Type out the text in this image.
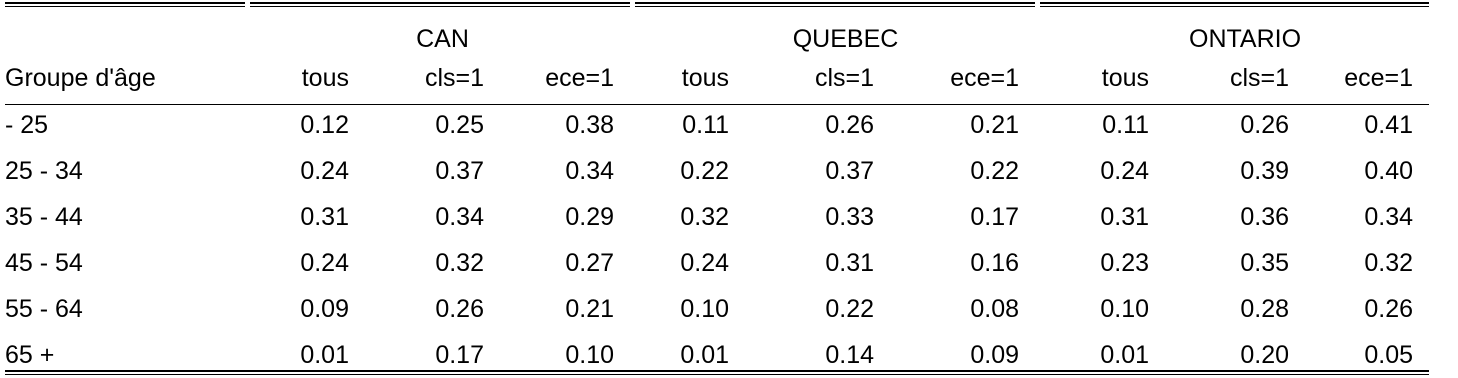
	CAN			QUEBEC			ONTARIO		
Groupe d'âge	tous	cls=1	ece=1	tous	cls=1	ece=1	tous	cls=1	ece=1
- 25	0.12	0.25	0.38	0.11	0.26	0.21	0.11	0.26	0.41
25 - 34	0.24	0.37	0.34	0.22	0.37	0.22	0.24	0.39	0.40
35 - 44	0.31	0.34	0.29	0.32	0.33	0.17	0.31	0.36	0.34
45 - 54	0.24	0.32	0.27	0.24	0.31	0.16	0.23	0.35	0.32
55 - 64	0.09	0.26	0.21	0.10	0.22	0.08	0.10	0.28	0.26
65 +	0.01	0.17	0.10	0.01	0.14	0.09	0.01	0.20	0.05
